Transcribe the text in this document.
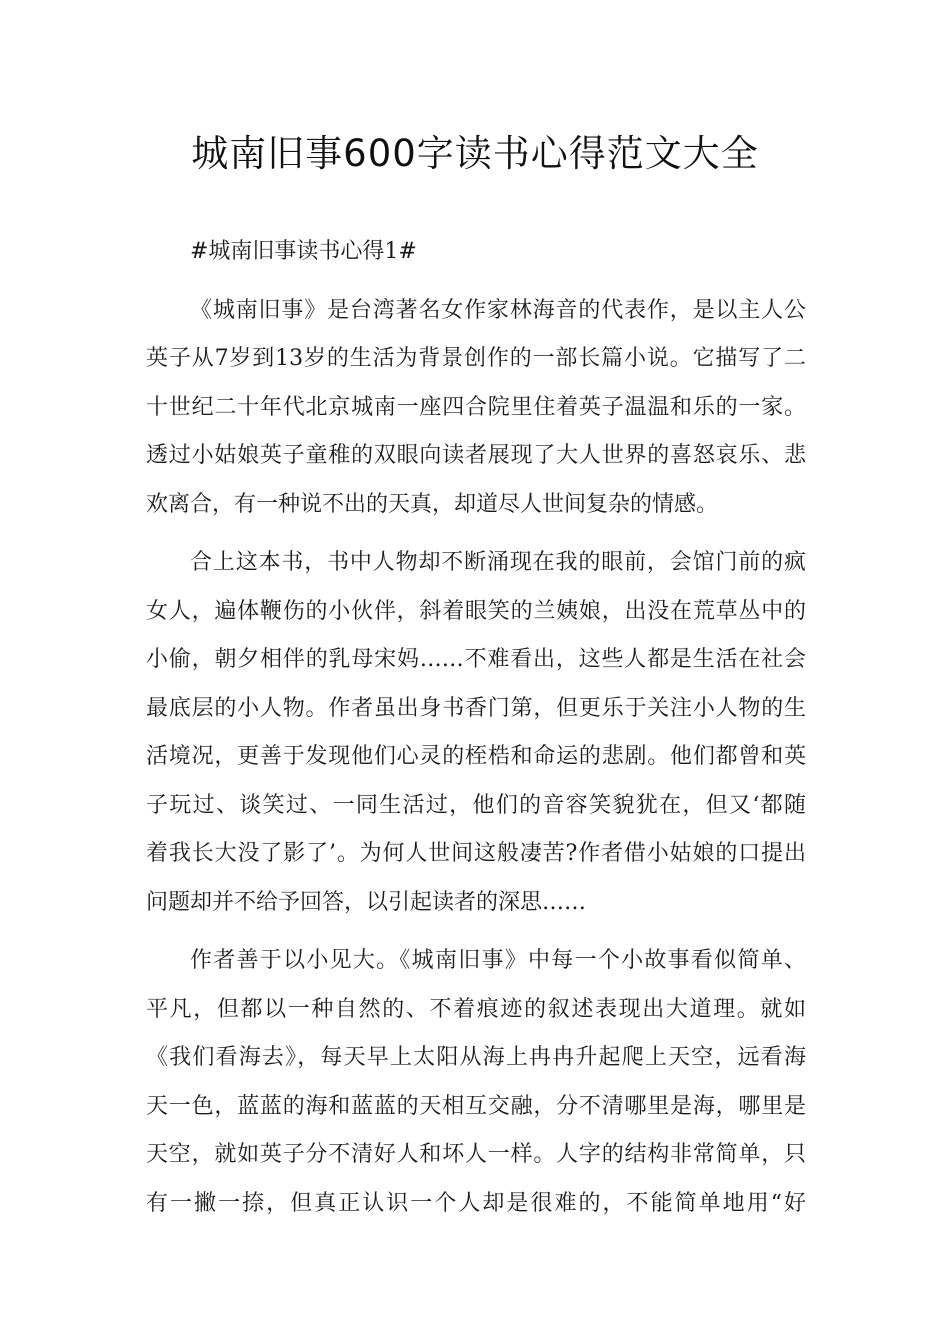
城南旧事600字读书心得范文大全
#城南旧事读书心得1#
《城南旧事》是台湾著名女作家林海音的代表作，是以主人公
英子从7岁到13岁的生活为背景创作的一部长篇小说。它描写了二
十世纪二十年代北京城南一座四合院里住着英子温温和乐的一家。
透过小姑娘英子童稚的双眼向读者展现了大人世界的喜怒哀乐、悲
欢离合，有一种说不出的天真，却道尽人世间复杂的情感。
合上这本书，书中人物却不断涌现在我的眼前，会馆门前的疯
女人，遍体鞭伤的小伙伴，斜着眼笑的兰姨娘，出没在荒草丛中的
小偷，朝夕相伴的乳母宋妈……不难看出，这些人都是生活在社会
最底层的小人物。作者虽出身书香门第，但更乐于关注小人物的生
活境况，更善于发现他们心灵的桎梏和命运的悲剧。他们都曾和英
子玩过、谈笑过、一同生活过，他们的音容笑貌犹在，但又‘都随
着我长大没了影了’。为何人世间这般凄苦?作者借小姑娘的口提出
问题却并不给予回答，以引起读者的深思……
作者善于以小见大。《城南旧事》中每一个小故事看似简单、
平凡，但都以一种自然的、不着痕迹的叙述表现出大道理。就如
《我们看海去》，每天早上太阳从海上冉冉升起爬上天空，远看海
天一色，蓝蓝的海和蓝蓝的天相互交融，分不清哪里是海，哪里是
天空，就如英子分不清好人和坏人一样。人字的结构非常简单，只
有一撇一捺，但真正认识一个人却是很难的，不能简单地用“好
